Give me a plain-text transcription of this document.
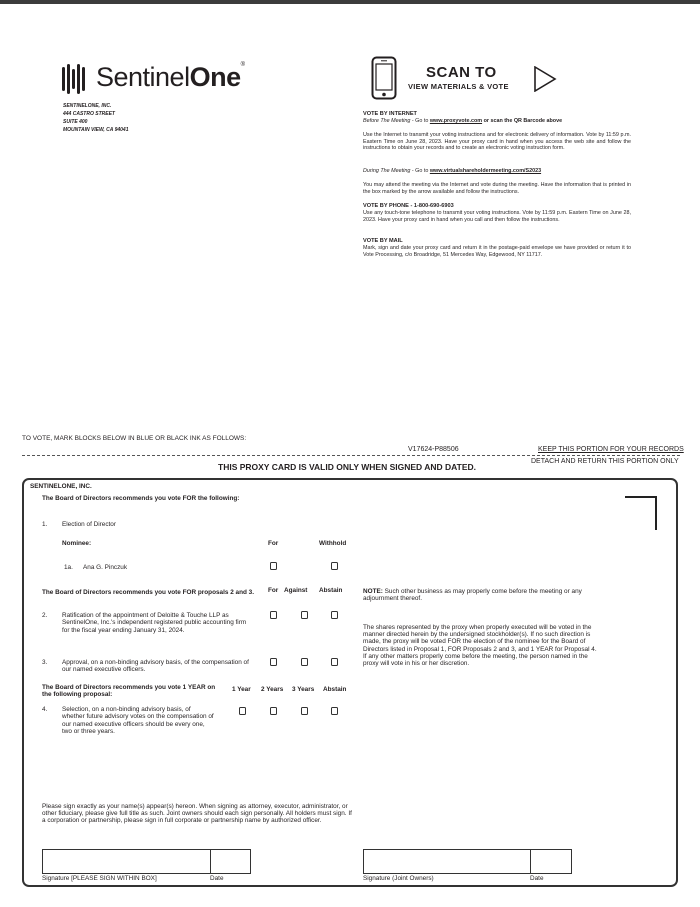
SentinelOne®
SENTINELONE, INC.
444 CASTRO STREET
SUITE 400
MOUNTAIN VIEW, CA 94041
SCAN TO
VIEW MATERIALS & VOTE
VOTE BY INTERNET
Before The Meeting - Go to www.proxyvote.com or scan the QR Barcode above
Use the Internet to transmit your voting instructions and for electronic delivery of information. Vote by 11:59 p.m. Eastern Time on June 28, 2023. Have your proxy card in hand when you access the web site and follow the instructions to obtain your records and to create an electronic voting instruction form.
During The Meeting - Go to www.virtualshareholdermeeting.com/S2023
You may attend the meeting via the Internet and vote during the meeting. Have the information that is printed in the box marked by the arrow available and follow the instructions.
VOTE BY PHONE - 1-800-690-6903
Use any touch-tone telephone to transmit your voting instructions. Vote by 11:59 p.m. Eastern Time on June 28, 2023. Have your proxy card in hand when you call and then follow the instructions.
VOTE BY MAIL
Mark, sign and date your proxy card and return it in the postage-paid envelope we have provided or return it to Vote Processing, c/o Broadridge, 51 Mercedes Way, Edgewood, NY 11717.
TO VOTE, MARK BLOCKS BELOW IN BLUE OR BLACK INK AS FOLLOWS:
V17624-P88506	KEEP THIS PORTION FOR YOUR RECORDS
DETACH AND RETURN THIS PORTION ONLY
THIS PROXY CARD IS VALID ONLY WHEN SIGNED AND DATED.
SENTINELONE, INC.
The Board of Directors recommends you vote FOR the following:
1. Election of Director
Nominee:	For	Withhold
1a. Ana G. Pinczuk
The Board of Directors recommends you vote FOR proposals 2 and 3.	For Against Abstain
2. Ratification of the appointment of Deloitte & Touche LLP as SentinelOne, Inc.'s independent registered public accounting firm for the fiscal year ending January 31, 2024.
3. Approval, on a non-binding advisory basis, of the compensation of our named executive officers.
The Board of Directors recommends you vote 1 YEAR on the following proposal:
1 Year 2 Years 3 Years Abstain
4. Selection, on a non-binding advisory basis, of whether future advisory votes on the compensation of our named executive officers should be every one, two or three years.
NOTE: Such other business as may properly come before the meeting or any adjournment thereof.
The shares represented by the proxy when properly executed will be voted in the manner directed herein by the undersigned stockholder(s). If no such direction is made, the proxy will be voted FOR the election of the nominee for the Board of Directors listed in Proposal 1, FOR Proposals 2 and 3, and 1 YEAR for Proposal 4. If any other matters properly come before the meeting, the person named in the proxy will vote in his or her discretion.
Please sign exactly as your name(s) appear(s) hereon. When signing as attorney, executor, administrator, or other fiduciary, please give full title as such. Joint owners should each sign personally. All holders must sign. If a corporation or partnership, please sign in full corporate or partnership name by authorized officer.
Signature [PLEASE SIGN WITHIN BOX]	Date	Signature (Joint Owners)	Date
